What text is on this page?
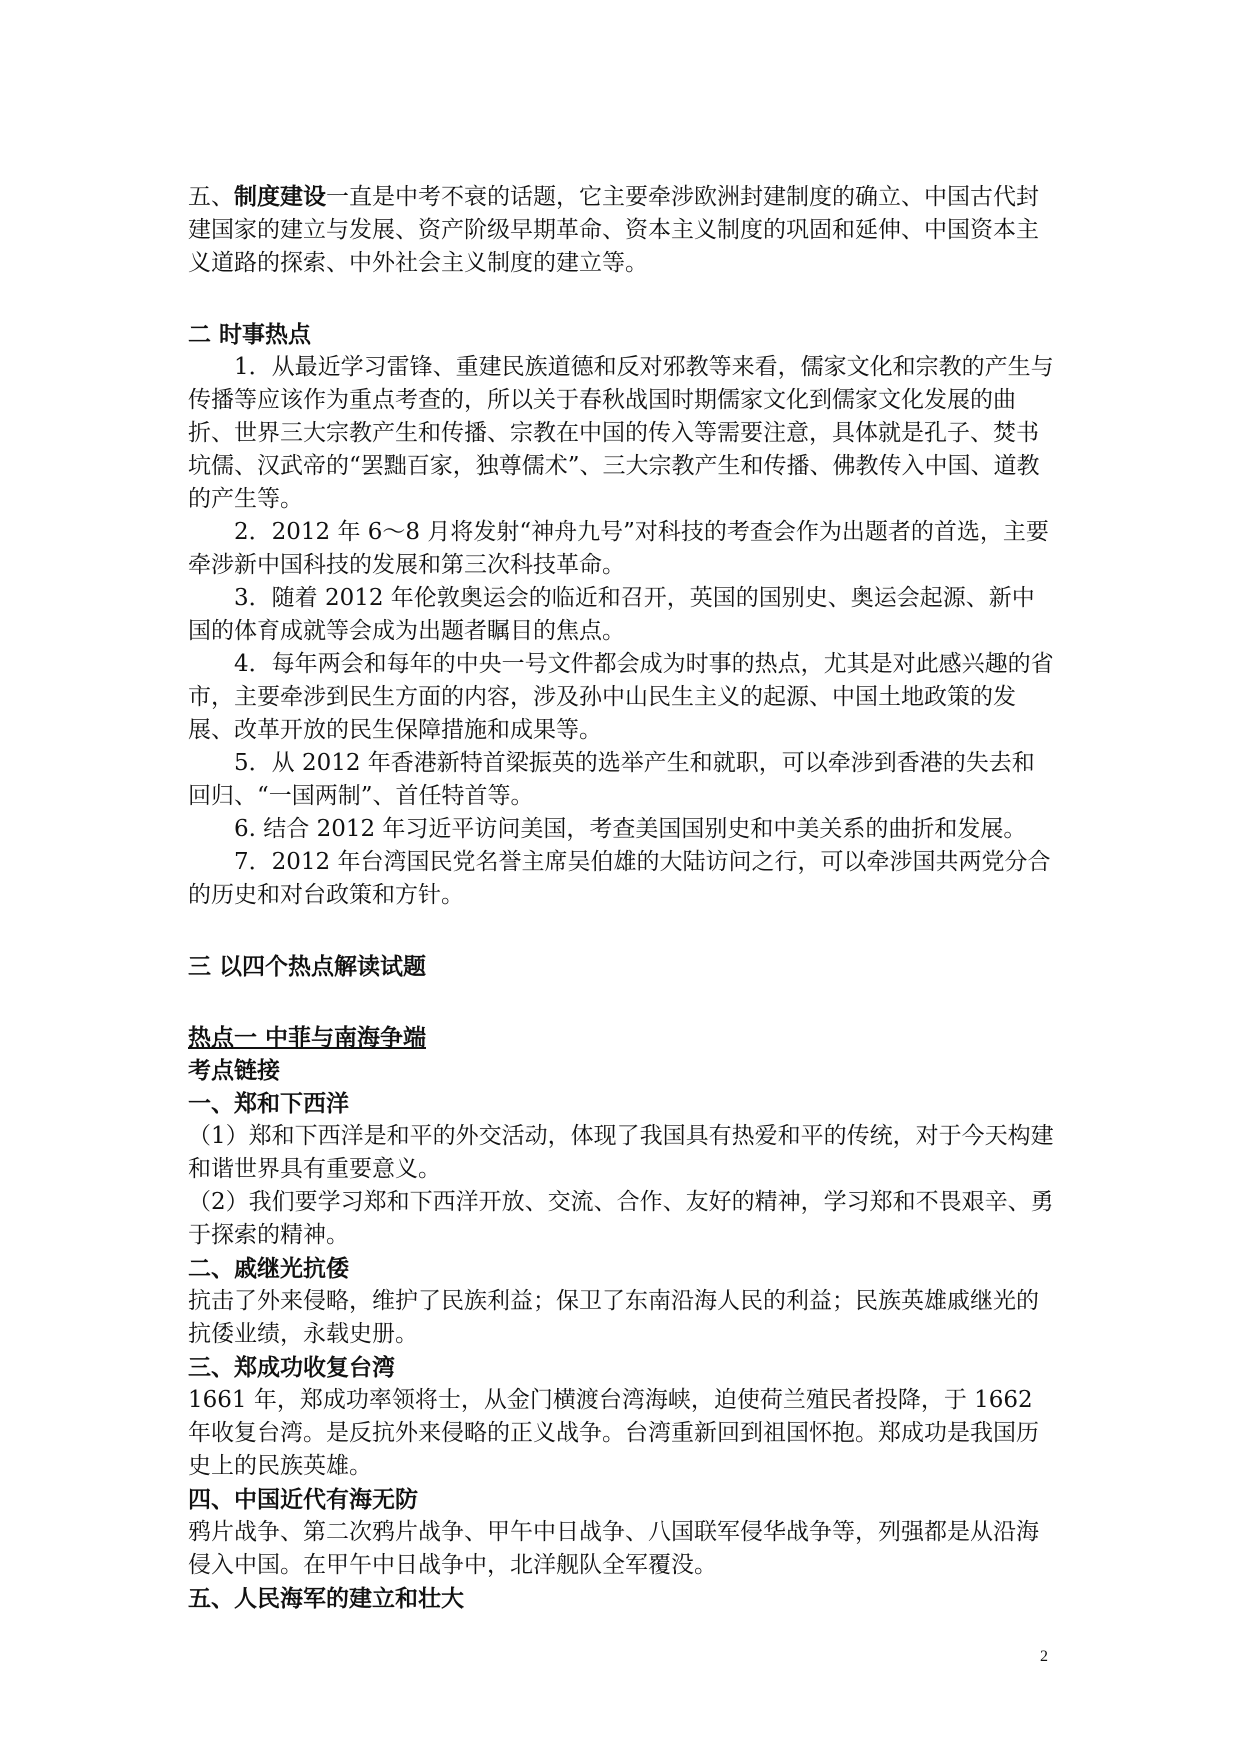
五、制度建设一直是中考不衰的话题，它主要牵涉欧洲封建制度的确立、中国古代封建国家的建立与发展、资产阶级早期革命、资本主义制度的巩固和延伸、中国资本主义道路的探索、中外社会主义制度的建立等。

二 时事热点

1．从最近学习雷锋、重建民族道德和反对邪教等来看，儒家文化和宗教的产生与传播等应该作为重点考查的，所以关于春秋战国时期儒家文化到儒家文化发展的曲折、世界三大宗教产生和传播、宗教在中国的传入等需要注意，具体就是孔子、焚书坑儒、汉武帝的“罢黜百家，独尊儒术”、三大宗教产生和传播、佛教传入中国、道教的产生等。

2．2012 年 6～8 月将发射“神舟九号”对科技的考查会作为出题者的首选，主要牵涉新中国科技的发展和第三次科技革命。

3．随着 2012 年伦敦奥运会的临近和召开，英国的国别史、奥运会起源、新中国的体育成就等会成为出题者瞩目的焦点。

4．每年两会和每年的中央一号文件都会成为时事的热点，尤其是对此感兴趣的省市，主要牵涉到民生方面的内容，涉及孙中山民生主义的起源、中国土地政策的发展、改革开放的民生保障措施和成果等。

5．从 2012 年香港新特首梁振英的选举产生和就职，可以牵涉到香港的失去和回归、“一国两制”、首任特首等。

6. 结合 2012 年习近平访问美国，考查美国国别史和中美关系的曲折和发展。

7．2012 年台湾国民党名誉主席吴伯雄的大陆访问之行，可以牵涉国共两党分合的历史和对台政策和方针。

三 以四个热点解读试题

热点一 中菲与南海争端

考点链接

一、郑和下西洋

（1）郑和下西洋是和平的外交活动，体现了我国具有热爱和平的传统，对于今天构建和谐世界具有重要意义。

（2）我们要学习郑和下西洋开放、交流、合作、友好的精神，学习郑和不畏艰辛、勇于探索的精神。

二、戚继光抗倭

抗击了外来侵略，维护了民族利益；保卫了东南沿海人民的利益；民族英雄戚继光的抗倭业绩，永载史册。

三、郑成功收复台湾

1661 年，郑成功率领将士，从金门横渡台湾海峡，迫使荷兰殖民者投降，于 1662 年收复台湾。是反抗外来侵略的正义战争。台湾重新回到祖国怀抱。郑成功是我国历史上的民族英雄。

四、中国近代有海无防

鸦片战争、第二次鸦片战争、甲午中日战争、八国联军侵华战争等，列强都是从沿海侵入中国。在甲午中日战争中，北洋舰队全军覆没。

五、人民海军的建立和壮大

2
